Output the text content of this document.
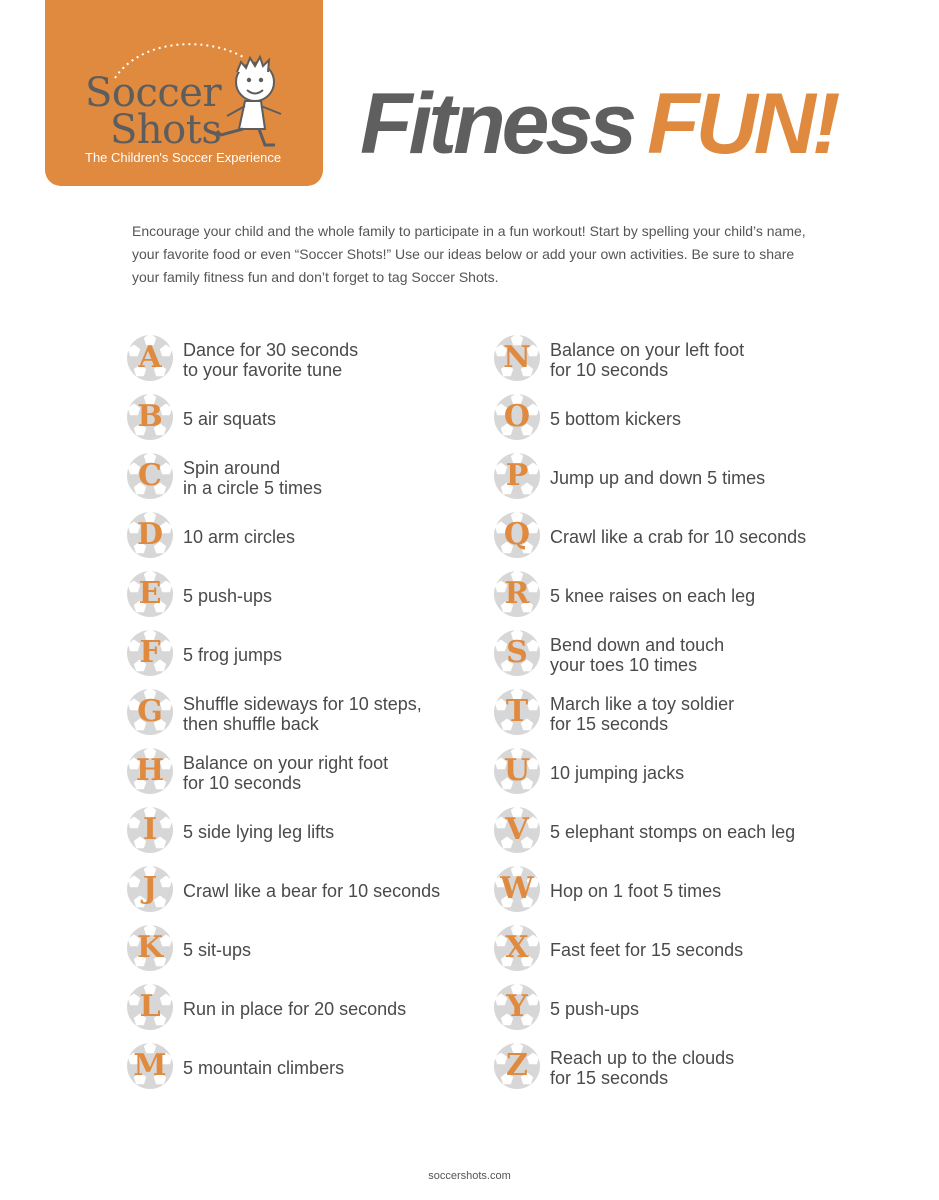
Soccer
Shots
The Children's Soccer Experience Fitness FUN!

Encourage your child and the whole family to participate in a fun workout! Start by spelling your child’s name, your favorite food or even “Soccer Shots!” Use our ideas below or add your own activities. Be sure to share your family fitness fun and don’t forget to tag Soccer Shots.

A	Dance for 30 seconds
to your favorite tune
B	5 air squats
C	Spin around
in a circle 5 times
D	10 arm circles
E	5 push-ups
F	5 frog jumps
G	Shuffle sideways for 10 steps,
then shuffle back
H	Balance on your right foot
for 10 seconds
I	5 side lying leg lifts
J	Crawl like a bear for 10 seconds
K	5 sit-ups
L	Run in place for 20 seconds
M 5 mountain climbers
N	Balance on your left foot
for 10 seconds
O	5 bottom kickers
P	Jump up and down 5 times
Q	Crawl like a crab for 10 seconds
R	5 knee raises on each leg
S	Bend down and touch
your toes 10 times
T	March like a toy soldier
for 15 seconds
U	10 jumping jacks
V	5 elephant stomps on each leg
W Hop on 1 foot 5 times
X	Fast feet for 15 seconds
Y	5 push-ups
Z	Reach up to the clouds
for 15 seconds
soccershots.com
